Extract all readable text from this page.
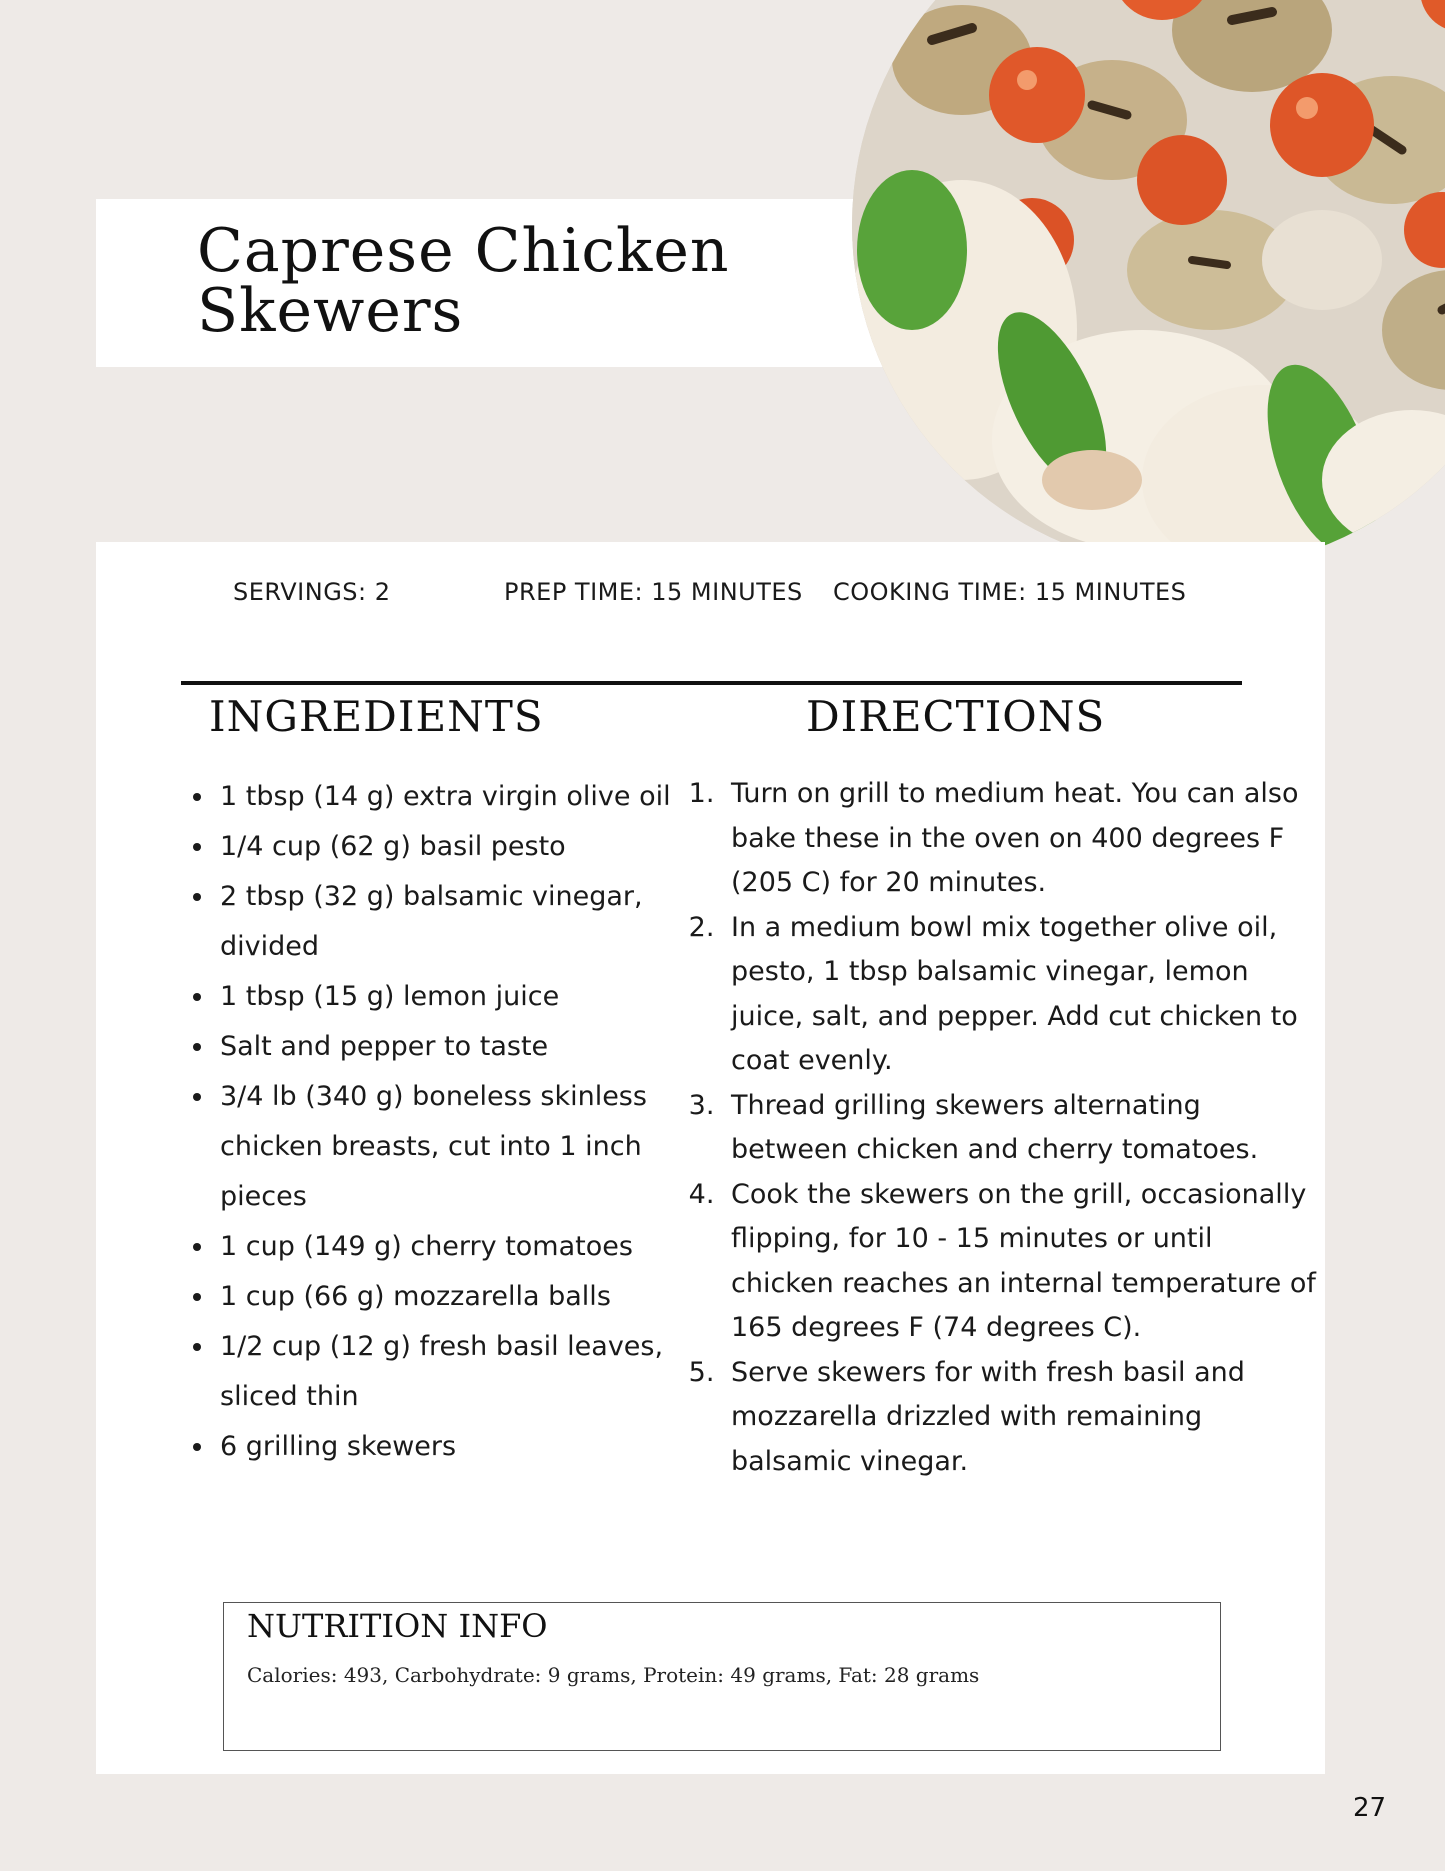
Caprese Chicken Skewers
SERVINGS: 2	PREP TIME: 15 MINUTES COOKING TIME: 15 MINUTES
INGREDIENTS	DIRECTIONS
• 1 tbsp (14 g) extra virgin olive oil
• 1/4 cup (62 g) basil pesto
• 2 tbsp (32 g) balsamic vinegar, divided
• 1 tbsp (15 g) lemon juice
• Salt and pepper to taste
• 3/4 lb (340 g) boneless skinless chicken breasts, cut into 1 inch pieces
• 1 cup (149 g) cherry tomatoes
• 1 cup (66 g) mozzarella balls
• 1/2 cup (12 g) fresh basil leaves, sliced thin
• 6 grilling skewers
1. Turn on grill to medium heat. You can also bake these in the oven on 400 degrees F (205 C) for 20 minutes.
2. In a medium bowl mix together olive oil, pesto, 1 tbsp balsamic vinegar, lemon juice, salt, and pepper. Add cut chicken to coat evenly.
3. Thread grilling skewers alternating between chicken and cherry tomatoes.
4. Cook the skewers on the grill, occasionally flipping, for 10 - 15 minutes or until chicken reaches an internal temperature of 165 degrees F (74 degrees C).
5. Serve skewers for with fresh basil and mozzarella drizzled with remaining balsamic vinegar.
NUTRITION INFO

Calories: 493, Carbohydrate: 9 grams, Protein: 49 grams, Fat: 28 grams

27
